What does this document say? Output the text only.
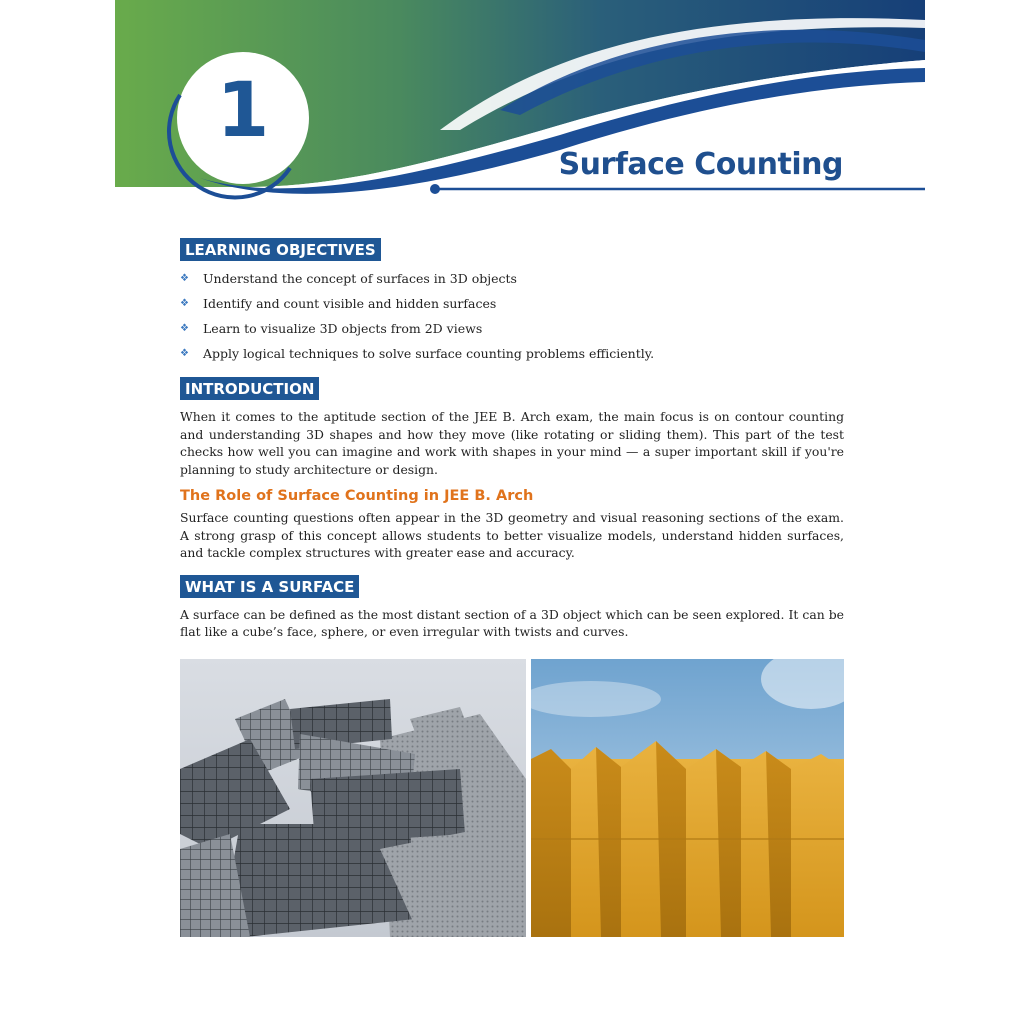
1
Surface Counting
LEARNING OBJECTIVES
❖ Understand the concept of surfaces in 3D objects
❖ Identify and count visible and hidden surfaces
❖ Learn to visualize 3D objects from 2D views
❖ Apply logical techniques to solve surface counting problems efficiently.
INTRODUCTION

When it comes to the aptitude section of the JEE B. Arch exam, the main focus is on contour counting and understanding 3D shapes and how they move (like rotating or sliding them). This part of the test checks how well you can imagine and work with shapes in your mind — a super important skill if you're planning to study architecture or design.

The Role of Surface Counting in JEE B. Arch

Surface counting questions often appear in the 3D geometry and visual reasoning sections of the exam. A strong grasp of this concept allows students to better visualize models, understand hidden surfaces, and tackle complex structures with greater ease and accuracy.

WHAT IS A SURFACE

A surface can be defined as the most distant section of a 3D object which can be seen explored. It can be flat like a cube’s face, sphere, or even irregular with twists and curves.
